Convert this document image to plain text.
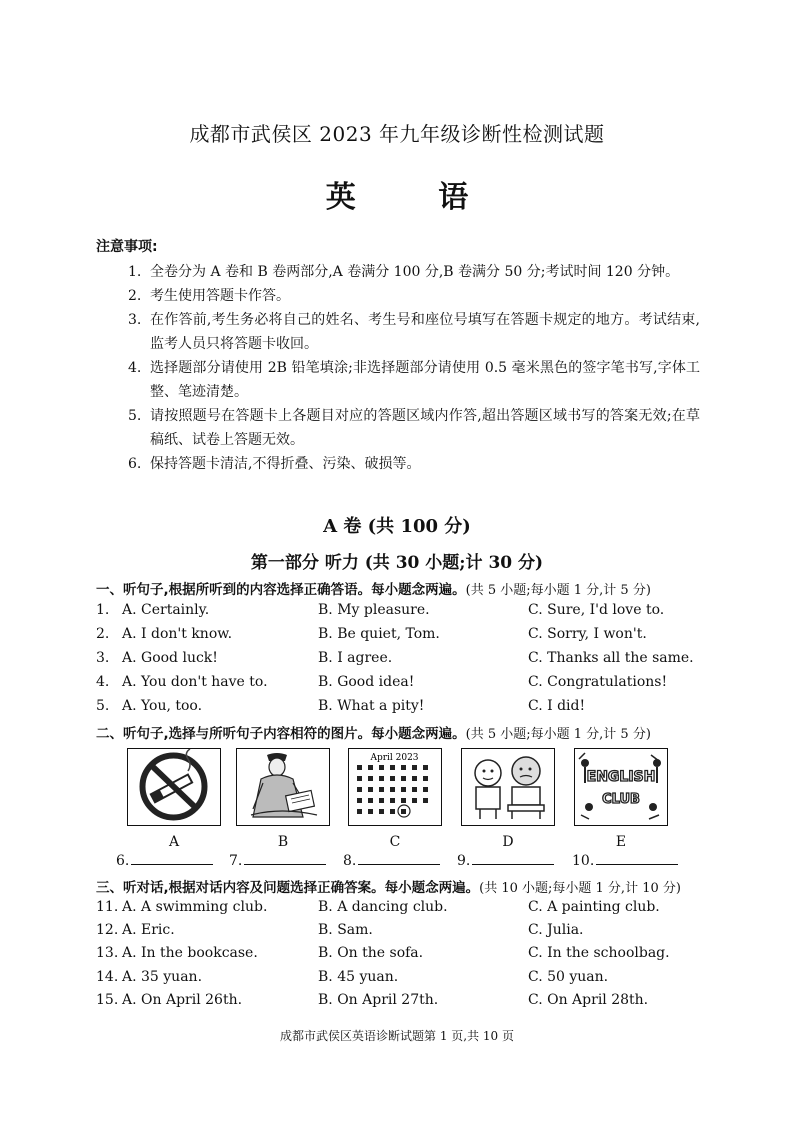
成都市武侯区 2023 年九年级诊断性检测试题
英 语
注意事项:
1. 全卷分为 A 卷和 B 卷两部分,A 卷满分 100 分,B 卷满分 50 分;考试时间 120 分钟。
2. 考生使用答题卡作答。
3. 在作答前,考生务必将自己的姓名、考生号和座位号填写在答题卡规定的地方。考试结束,监考人员只将答题卡收回。
4. 选择题部分请使用 2B 铅笔填涂;非选择题部分请使用 0.5 毫米黑色的签字笔书写,字体工整、笔迹清楚。
5. 请按照题号在答题卡上各题目对应的答题区域内作答,超出答题区域书写的答案无效;在草稿纸、试卷上答题无效。
6. 保持答题卡清洁,不得折叠、污染、破损等。
A 卷 (共 100 分)
第一部分 听力 (共 30 小题;计 30 分)
一、听句子,根据所听到的内容选择正确答语。每小题念两遍。(共 5 小题;每小题 1 分,计 5 分)
1. A. Certainly.	B. My pleasure.	C. Sure, I'd love to.
2. A. I don't know.	B. Be quiet, Tom.	C. Sorry, I won't.
3. A. Good luck!	B. I agree.	C. Thanks all the same.
4. A. You don't have to.	B. Good idea!	C. Congratulations!
5. A. You, too.	B. What a pity!	C. I did!
二、听句子,选择与所听句子内容相符的图片。每小题念两遍。(共 5 小题;每小题 1 分,计 5 分)
A	B
April 2023
C	D
ENGLISH
CLUB
E
6.	7.	8.	9.	10.
三、听对话,根据对话内容及问题选择正确答案。每小题念两遍。(共 10 小题;每小题 1 分,计 10 分)
11. A. A swimming club.	B. A dancing club.	C. A painting club.
12. A. Eric.	B. Sam.	C. Julia.
13. A. In the bookcase.	B. On the sofa.	C. In the schoolbag.
14. A. 35 yuan.	B. 45 yuan.	C. 50 yuan.
15. A. On April 26th.	B. On April 27th.	C. On April 28th.
成都市武侯区英语诊断试题第 1 页,共 10 页
